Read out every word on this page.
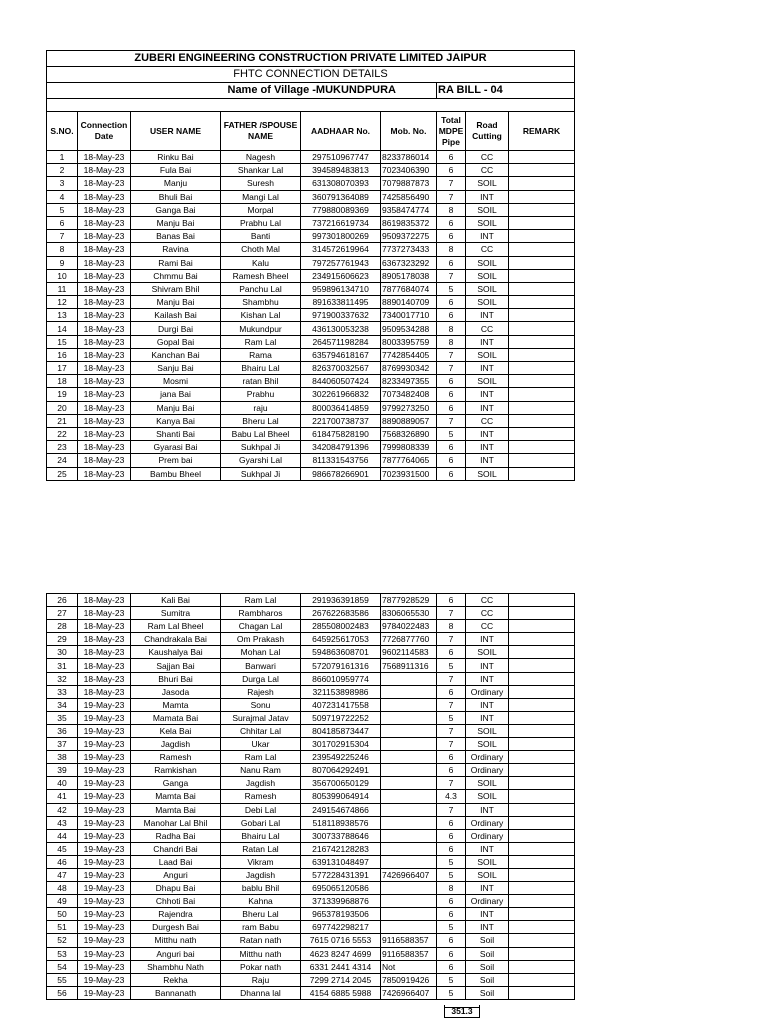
ZUBERI ENGINEERING CONSTRUCTION PRIVATE LIMITED JAIPUR								
FHTC CONNECTION DETAILS								
Name of Village -MUKUNDPURA						RA BILL - 04		

S.NO.	Connection Date	USER NAME	FATHER /SPOUSE NAME	AADHAAR No.	Mob. No.	Total MDPE Pipe	Road Cutting	REMARK
1	18-May-23	Rinku Bai	Nagesh	297510967747	8233786014	6	CC	
2	18-May-23	Fula Bai	Shankar Lal	394589483813	7023406390	6	CC	
3	18-May-23	Manju	Suresh	631308070393	7079887873	7	SOIL	
4	18-May-23	Bhuli Bai	Mangi Lal	360791364089	7425856490	7	INT	
5	18-May-23	Ganga Bai	Morpal	779880089369	9358474774	8	SOIL	
6	18-May-23	Manju Bai	Prabhu Lal	737216619734	8619835372	6	SOIL	
7	18-May-23	Banas Bai	Banti	997301800269	9509372275	6	INT	
8	18-May-23	Ravina	Choth Mal	314572619964	7737273433	8	CC	
9	18-May-23	Rami Bai	Kalu	797257761943	6367323292	6	SOIL	
10	18-May-23	Chmmu Bai	Ramesh Bheel	234915606623	8905178038	7	SOIL	
11	18-May-23	Shivram Bhil	Panchu Lal	959896134710	7877684074	5	SOIL	
12	18-May-23	Manju Bai	Shambhu	891633811495	8890140709	6	SOIL	
13	18-May-23	Kailash Bai	Kishan Lal	971900337632	7340017710	6	INT	
14	18-May-23	Durgi Bai	Mukundpur	436130053238	9509534288	8	CC	
15	18-May-23	Gopal Bai	Ram Lal	264571198284	8003395759	8	INT	
16	18-May-23	Kanchan Bai	Rama	635794618167	7742854405	7	SOIL	
17	18-May-23	Sanju Bai	Bhairu Lal	826370032567	8769930342	7	INT	
18	18-May-23	Mosmi	ratan Bhil	844060507424	8233497355	6	SOIL	
19	18-May-23	jana Bai	Prabhu	302261966832	7073482408	6	INT	
20	18-May-23	Manju Bai	raju	800036414859	9799273250	6	INT	
21	18-May-23	Kanya Bai	Bheru Lal	221700738737	8890889057	7	CC	
22	18-May-23	Shanti Bai	Babu Lal Bheel	618475828190	7568326890	5	INT	
23	18-May-23	Gyarasi Bai	Sukhpal Ji	342084791396	7999808339	6	INT	
24	18-May-23	Prem bai	Gyarshi Lal	811331543756	7877764065	6	INT	
25	18-May-23	Bambu Bheel	Sukhpal Ji	986678266901	7023931500	6	SOIL	
26	18-May-23	Kali Bai	Ram Lal	291936391859	7877928529	6	CC	
27	18-May-23	Sumitra	Rambharos	267622683586	8306065530	7	CC	
28	18-May-23	Ram Lal Bheel	Chagan Lal	285508002483	9784022483	8	CC	
29	18-May-23	Chandrakala Bai	Om Prakash	645925617053	7726877760	7	INT	
30	18-May-23	Kaushalya Bai	Mohan Lal	594863608701	9602114583	6	SOIL	
31	18-May-23	Sajjan Bai	Banwari	572079161316	7568911316	5	INT	
32	18-May-23	Bhuri Bai	Durga Lal	866010959774		7	INT	
33	18-May-23	Jasoda	Rajesh	321153898986		6	Ordinary	
34	19-May-23	Mamta	Sonu	407231417558		7	INT	
35	19-May-23	Mamata Bai	Surajmal Jatav	509719722252		5	INT	
36	19-May-23	Kela Bai	Chhitar Lal	804185873447		7	SOIL	
37	19-May-23	Jagdish	Ukar	301702915304		7	SOIL	
38	19-May-23	Ramesh	Ram Lal	239549225246		6	Ordinary	
39	19-May-23	Ramkishan	Nanu Ram	807064292491		6	Ordinary	
40	19-May-23	Ganga	Jagdish	356700650129		7	SOIL	
41	19-May-23	Mamta Bai	Ramesh	805399064914		4.3	SOIL	
42	19-May-23	Mamta Bai	Debi Lal	249154674866		7	INT	
43	19-May-23	Manohar Lal Bhil	Gobari Lal	518118938576		6	Ordinary	
44	19-May-23	Radha Bai	Bhairu Lal	300733788646		6	Ordinary	
45	19-May-23	Chandri Bai	Ratan Lal	216742128283		6	INT	
46	19-May-23	Laad Bai	Vikram	639131048497		5	SOIL	
47	19-May-23	Anguri	Jagdish	577228431391	7426966407	5	SOIL	
48	19-May-23	Dhapu Bai	bablu Bhil	695065120586		8	INT	
49	19-May-23	Chhoti Bai	Kahna	371339968876		6	Ordinary	
50	19-May-23	Rajendra	Bheru Lal	965378193506		6	INT	
51	19-May-23	Durgesh Bai	ram Babu	697742298217		5	INT	
52	19-May-23	Mitthu nath	Ratan nath	7615 0716 5553	9116588357	6	Soil	
53	19-May-23	Anguri bai	Mitthu nath	4623 8247 4699	9116588357	6	Soil	
54	19-May-23	Shambhu Nath	Pokar nath	6331 2441 4314	Not	6	Soil	
55	19-May-23	Rekha	Raju	7299 2714 2045	7850919426	5	Soil	
56	19-May-23	Bannanath	Dhanna lal	4154 6885 5988	7426966407	5	Soil	
351.3
